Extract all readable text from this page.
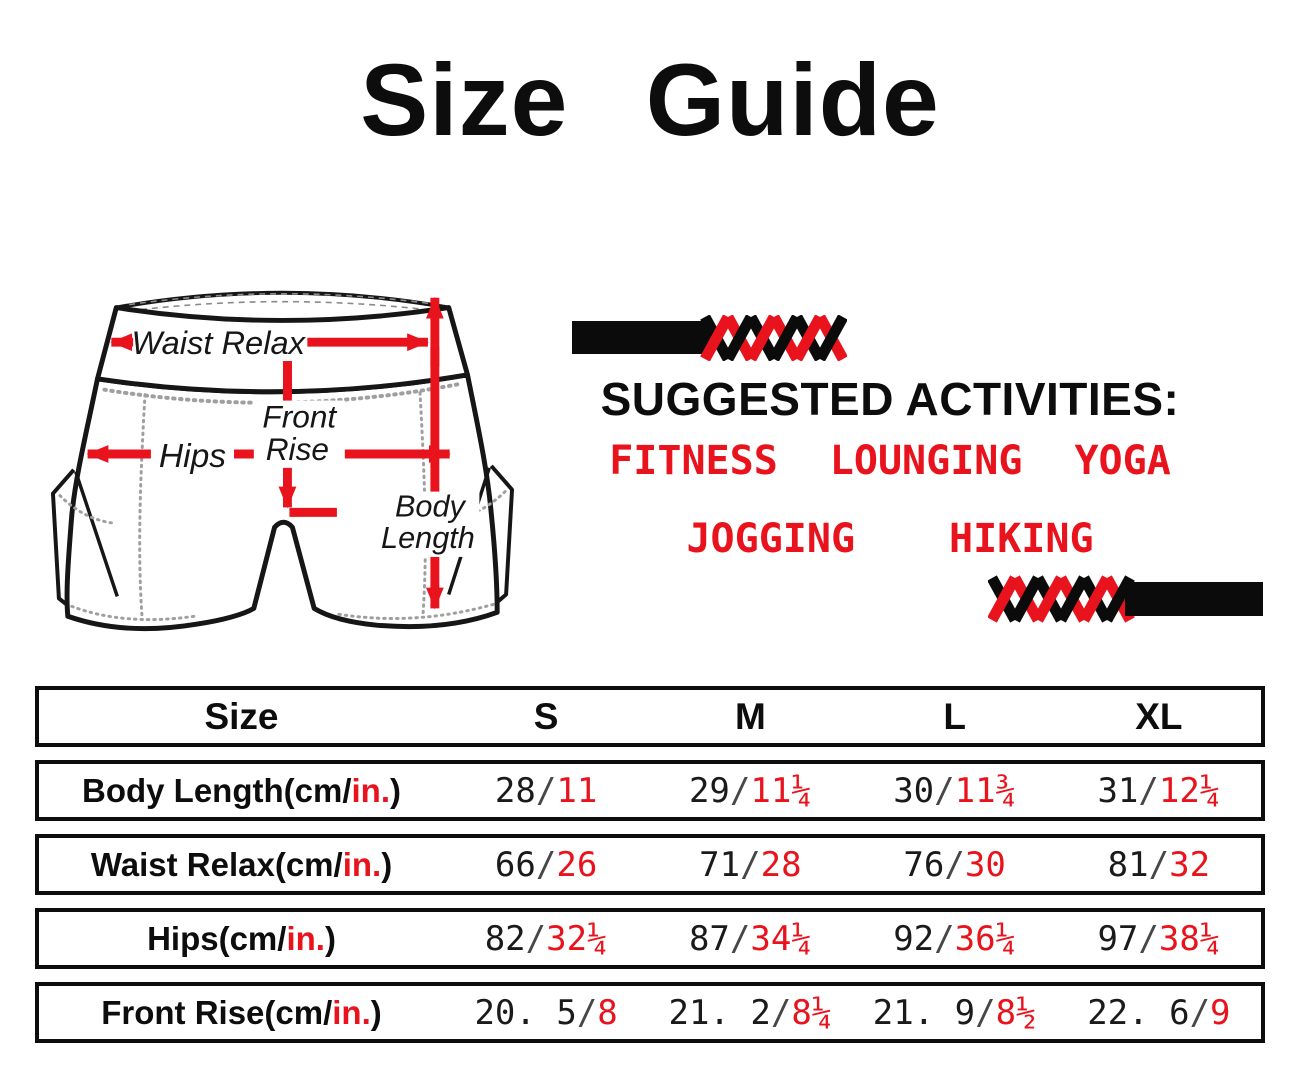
Size Guide
Waist Relax
Front
Rise
Hips
Body
Length
SUGGESTED ACTIVITIES:
FITNESS LOUNGING YOGA
JOGGING HIKING
Size	S	M	L	XL
Body Length(cm/in.)	28/11	29/11¼	30/11¾	31/12¼
Waist Relax(cm/in.)	66/26	71/28	76/30	81/32
Hips(cm/in.)	82/32¼	87/34¼	92/36¼	97/38¼
Front Rise(cm/in.)	20. 5/8	21. 2/8¼	21. 9/8½	22. 6/9
